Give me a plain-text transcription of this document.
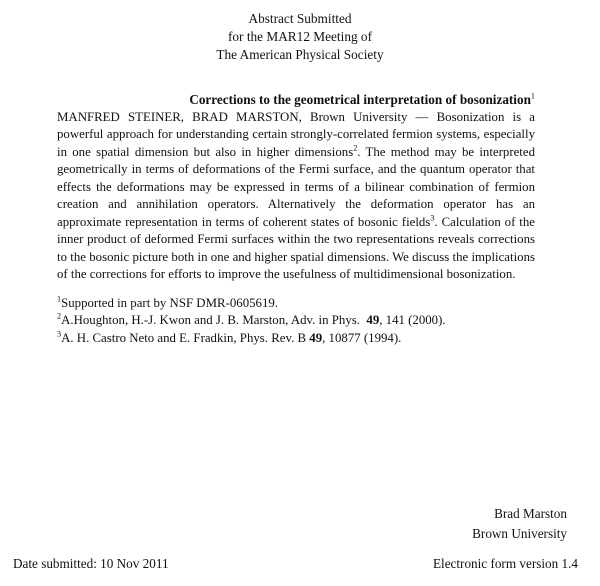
Abstract Submitted
for the MAR12 Meeting of
The American Physical Society
Corrections to the geometrical interpretation of bosonization$^1$
MANFRED STEINER, BRAD MARSTON, Brown University — Bosonization is a powerful approach for understanding certain strongly-correlated fermion systems, especially in one spatial dimension but also in higher dimensions$^2$. The method may be interpreted geometrically in terms of deformations of the Fermi surface, and the quantum operator that effects the deformations may be expressed in terms of a bilinear combination of fermion creation and annihilation operators. Alternatively the deformation operator has an approximate representation in terms of coherent states of bosonic fields$^3$. Calculation of the inner product of deformed Fermi surfaces within the two representations reveals corrections to the bosonic picture both in one and higher spatial dimensions. We discuss the implications of the corrections for efforts to improve the usefulness of multidimensional bosonization.
$^1$Supported in part by NSF DMR-0605619.
$^2$A.Houghton, H.-J. Kwon and J. B. Marston, Adv. in Phys.  49, 141 (2000).
$^3$A. H. Castro Neto and E. Fradkin, Phys. Rev. B 49, 10877 (1994).
Brad Marston
Brown University
Date submitted: 10 Nov 2011	Electronic form version 1.4
